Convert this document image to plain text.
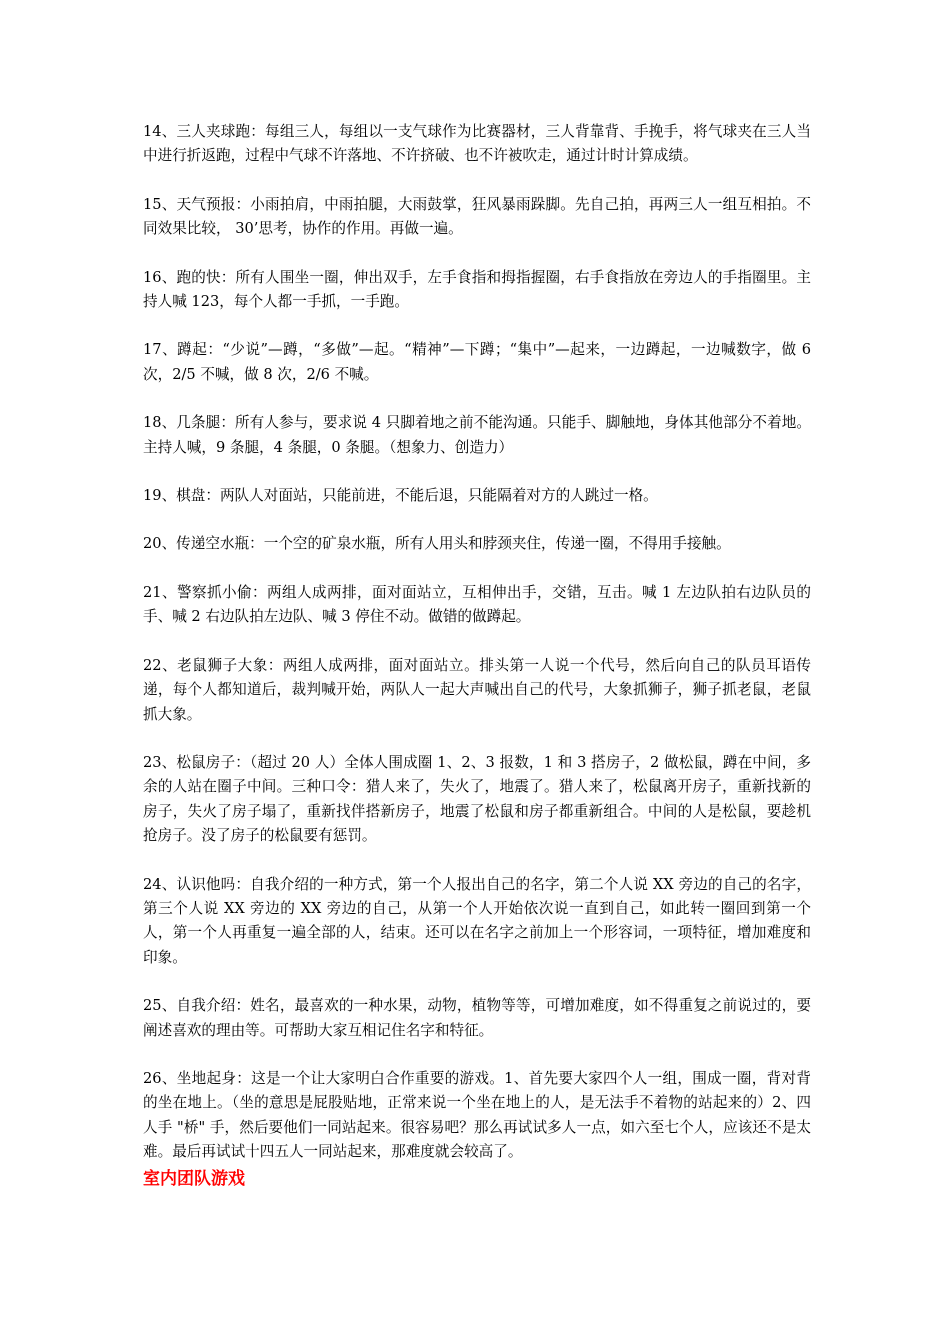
14、三人夹球跑：每组三人，每组以一支气球作为比赛器材，三人背靠背、手挽手，将气球夹在三人当中进行折返跑，过程中气球不许落地、不许挤破、也不许被吹走，通过计时计算成绩。

15、天气预报：小雨拍肩，中雨拍腿，大雨鼓掌，狂风暴雨跺脚。先自己拍，再两三人一组互相拍。不同效果比较， 30’思考，协作的作用。再做一遍。

16、跑的快：所有人围坐一圈，伸出双手，左手食指和拇指握圈，右手食指放在旁边人的手指圈里。主持人喊 123，每个人都一手抓，一手跑。

17、蹲起：“少说”—蹲，“多做”—起。“精神”—下蹲；“集中”—起来，一边蹲起，一边喊数字，做 6 次，2/5 不喊，做 8 次，2/6 不喊。

18、几条腿：所有人参与，要求说 4 只脚着地之前不能沟通。只能手、脚触地，身体其他部分不着地。主持人喊，9 条腿，4 条腿，0 条腿。（想象力、创造力）

19、棋盘：两队人对面站，只能前进，不能后退，只能隔着对方的人跳过一格。

20、传递空水瓶：一个空的矿泉水瓶，所有人用头和脖颈夹住，传递一圈，不得用手接触。

21、警察抓小偷：两组人成两排，面对面站立，互相伸出手，交错，互击。喊 1 左边队拍右边队员的手、喊 2 右边队拍左边队、喊 3 停住不动。做错的做蹲起。

22、老鼠狮子大象：两组人成两排，面对面站立。排头第一人说一个代号，然后向自己的队员耳语传递，每个人都知道后，裁判喊开始，两队人一起大声喊出自己的代号，大象抓狮子，狮子抓老鼠，老鼠抓大象。

23、松鼠房子：（超过 20 人）全体人围成圈 1、2、3 报数，1 和 3 搭房子，2 做松鼠，蹲在中间，多余的人站在圈子中间。三种口令：猎人来了，失火了，地震了。猎人来了，松鼠离开房子，重新找新的房子，失火了房子塌了，重新找伴搭新房子，地震了松鼠和房子都重新组合。中间的人是松鼠，要趁机抢房子。没了房子的松鼠要有惩罚。

24、认识他吗：自我介绍的一种方式，第一个人报出自己的名字，第二个人说 XX 旁边的自己的名字，第三个人说 XX 旁边的 XX 旁边的自己，从第一个人开始依次说一直到自己，如此转一圈回到第一个人，第一个人再重复一遍全部的人，结束。还可以在名字之前加上一个形容词，一项特征，增加难度和印象。

25、自我介绍：姓名，最喜欢的一种水果，动物，植物等等，可增加难度，如不得重复之前说过的，要阐述喜欢的理由等。可帮助大家互相记住名字和特征。

26、坐地起身：这是一个让大家明白合作重要的游戏。1、首先要大家四个人一组，围成一圈，背对背的坐在地上。（坐的意思是屁股贴地，正常来说一个坐在地上的人，是无法手不着物的站起来的）2、四人手 "桥" 手，然后要他们一同站起来。很容易吧？那么再试试多人一点，如六至七个人，应该还不是太难。最后再试试十四五人一同站起来，那难度就会较高了。

室内团队游戏
